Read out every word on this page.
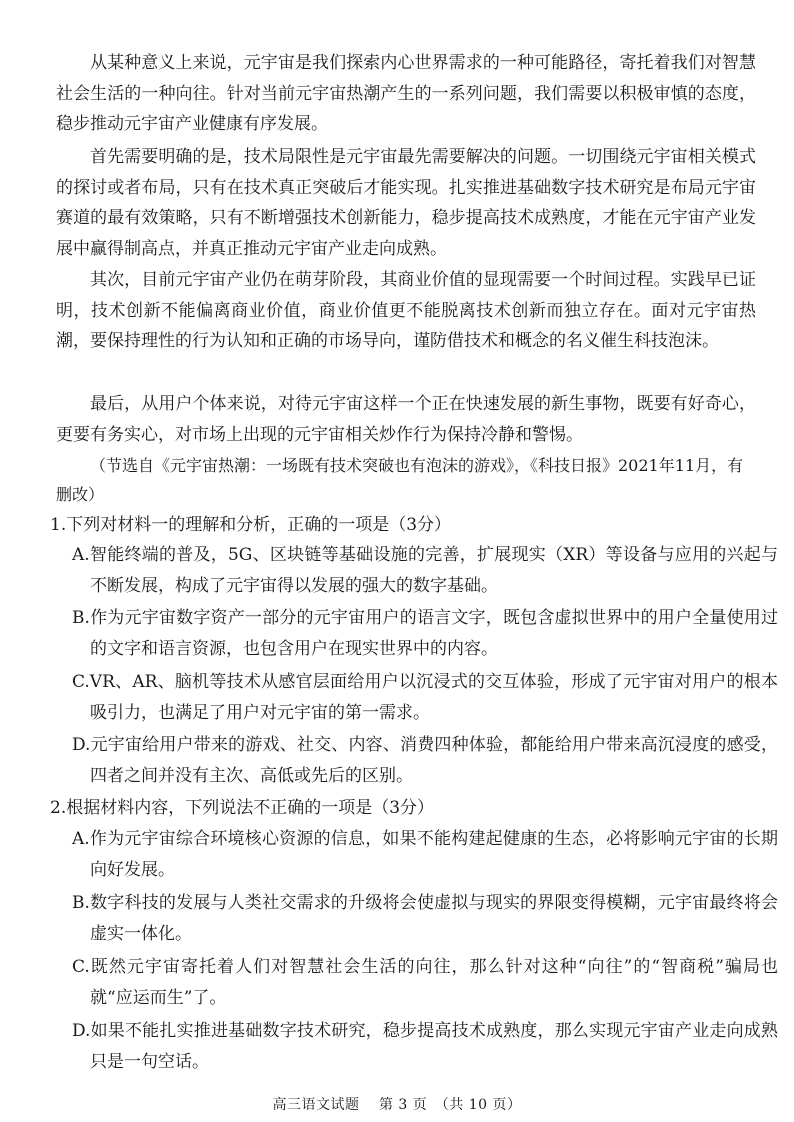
从某种意义上来说，元宇宙是我们探索内心世界需求的一种可能路径，寄托着我们对智慧社会生活的一种向往。针对当前元宇宙热潮产生的一系列问题，我们需要以积极审慎的态度，稳步推动元宇宙产业健康有序发展。

首先需要明确的是，技术局限性是元宇宙最先需要解决的问题。一切围绕元宇宙相关模式的探讨或者布局，只有在技术真正突破后才能实现。扎实推进基础数字技术研究是布局元宇宙赛道的最有效策略，只有不断增强技术创新能力，稳步提高技术成熟度，才能在元宇宙产业发展中赢得制高点，并真正推动元宇宙产业走向成熟。

其次，目前元宇宙产业仍在萌芽阶段，其商业价值的显现需要一个时间过程。实践早已证明，技术创新不能偏离商业价值，商业价值更不能脱离技术创新而独立存在。面对元宇宙热潮，要保持理性的行为认知和正确的市场导向，谨防借技术和概念的名义催生科技泡沫。

最后，从用户个体来说，对待元宇宙这样一个正在快速发展的新生事物，既要有好奇心，更要有务实心，对市场上出现的元宇宙相关炒作行为保持冷静和警惕。

（节选自《元宇宙热潮：一场既有技术突破也有泡沫的游戏》，《科技日报》2021年11月，有删改）

1.下列对材料一的理解和分析，正确的一项是（3分）

A.智能终端的普及，5G、区块链等基础设施的完善，扩展现实（XR）等设备与应用的兴起与不断发展，构成了元宇宙得以发展的强大的数字基础。

B.作为元宇宙数字资产一部分的元宇宙用户的语言文字，既包含虚拟世界中的用户全量使用过的文字和语言资源，也包含用户在现实世界中的内容。

C.VR、AR、脑机等技术从感官层面给用户以沉浸式的交互体验，形成了元宇宙对用户的根本吸引力，也满足了用户对元宇宙的第一需求。

D.元宇宙给用户带来的游戏、社交、内容、消费四种体验，都能给用户带来高沉浸度的感受，四者之间并没有主次、高低或先后的区别。

2.根据材料内容，下列说法不正确的一项是（3分）

A.作为元宇宙综合环境核心资源的信息，如果不能构建起健康的生态，必将影响元宇宙的长期向好发展。

B.数字科技的发展与人类社交需求的升级将会使虚拟与现实的界限变得模糊，元宇宙最终将会虚实一体化。

C.既然元宇宙寄托着人们对智慧社会生活的向往，那么针对这种“向往”的“智商税”骗局也就“应运而生”了。

D.如果不能扎实推进基础数字技术研究，稳步提高技术成熟度，那么实现元宇宙产业走向成熟只是一句空话。

高三语文试题　 第 3 页　（共 10 页）
